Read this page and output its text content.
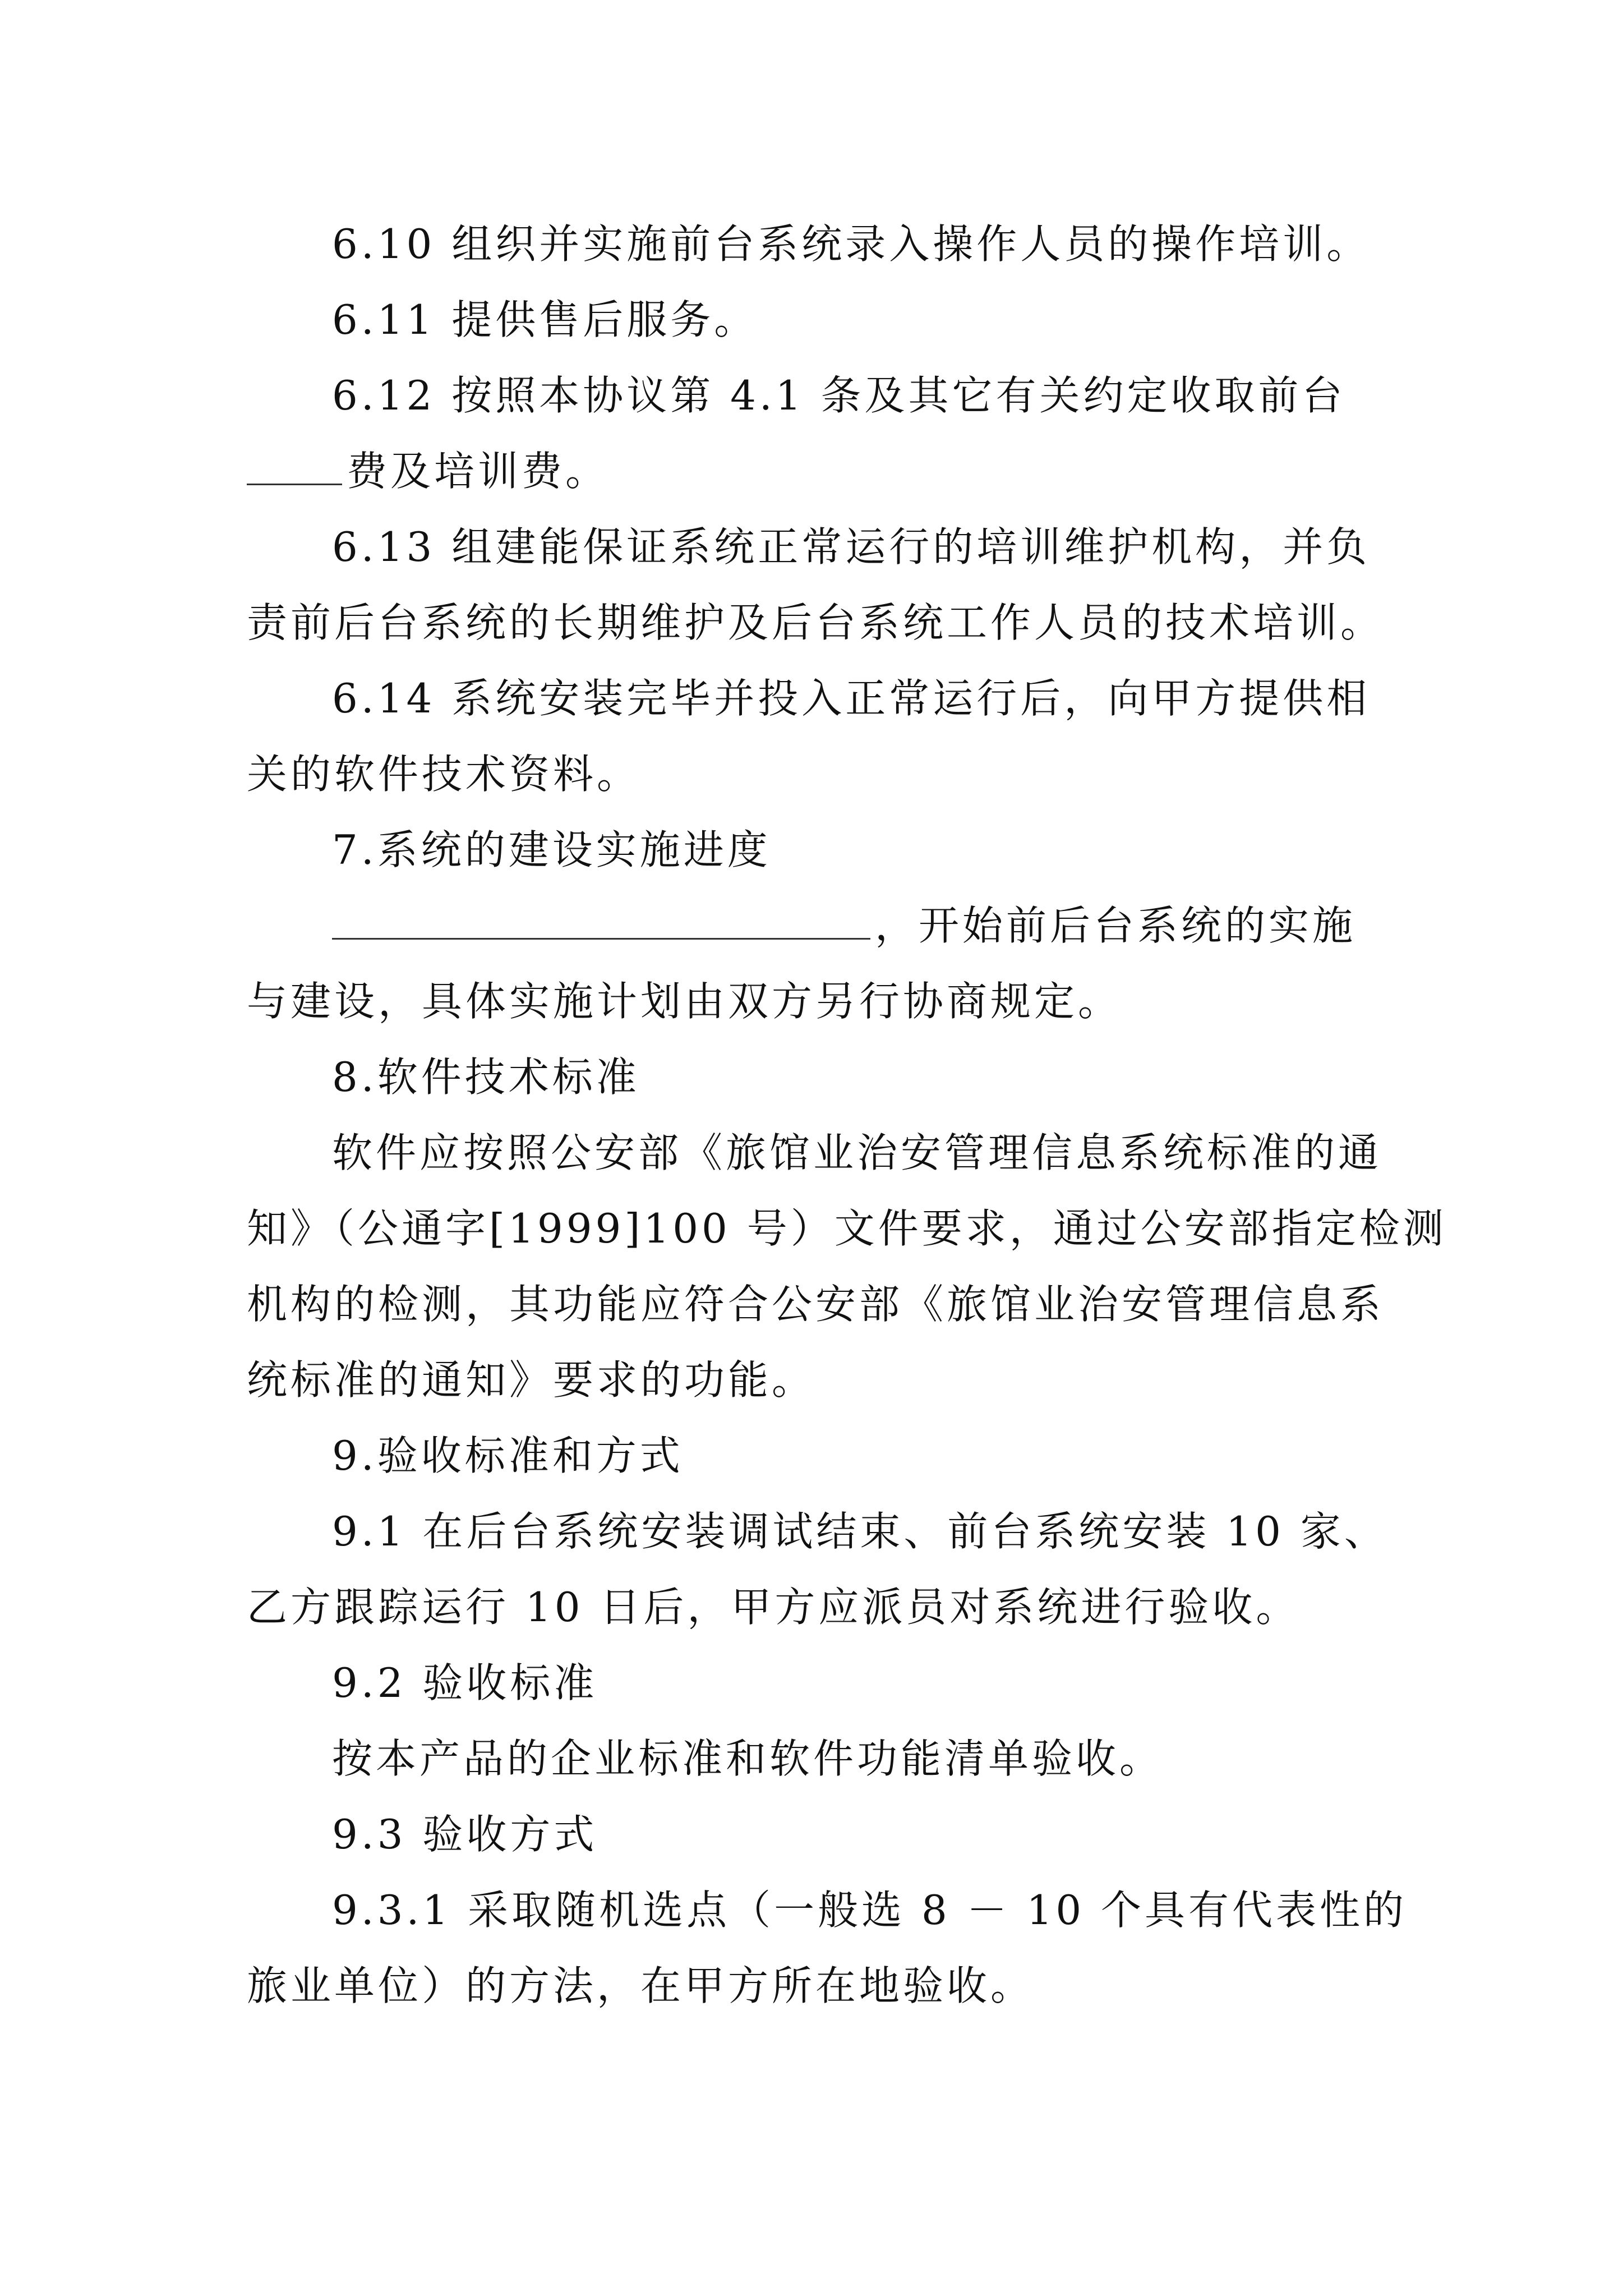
6.10 组织并实施前台系统录入操作人员的操作培训。
6.11 提供售后服务。
6.12 按照本协议第 4.1 条及其它有关约定收取前台
费及培训费。
6.13 组建能保证系统正常运行的培训维护机构，并负
责前后台系统的长期维护及后台系统工作人员的技术培训。
6.14 系统安装完毕并投入正常运行后，向甲方提供相
关的软件技术资料。
7.系统的建设实施进度
，开始前后台系统的实施
与建设，具体实施计划由双方另行协商规定。
8.软件技术标准
软件应按照公安部《旅馆业治安管理信息系统标准的通
知》（公通字[1999]100 号）文件要求，通过公安部指定检测
机构的检测，其功能应符合公安部《旅馆业治安管理信息系
统标准的通知》要求的功能。
9.验收标准和方式
9.1 在后台系统安装调试结束、前台系统安装 10 家、
乙方跟踪运行 10 日后，甲方应派员对系统进行验收。
9.2 验收标准
按本产品的企业标准和软件功能清单验收。
9.3 验收方式
9.3.1 采取随机选点（一般选 8 － 10 个具有代表性的
旅业单位）的方法，在甲方所在地验收。
